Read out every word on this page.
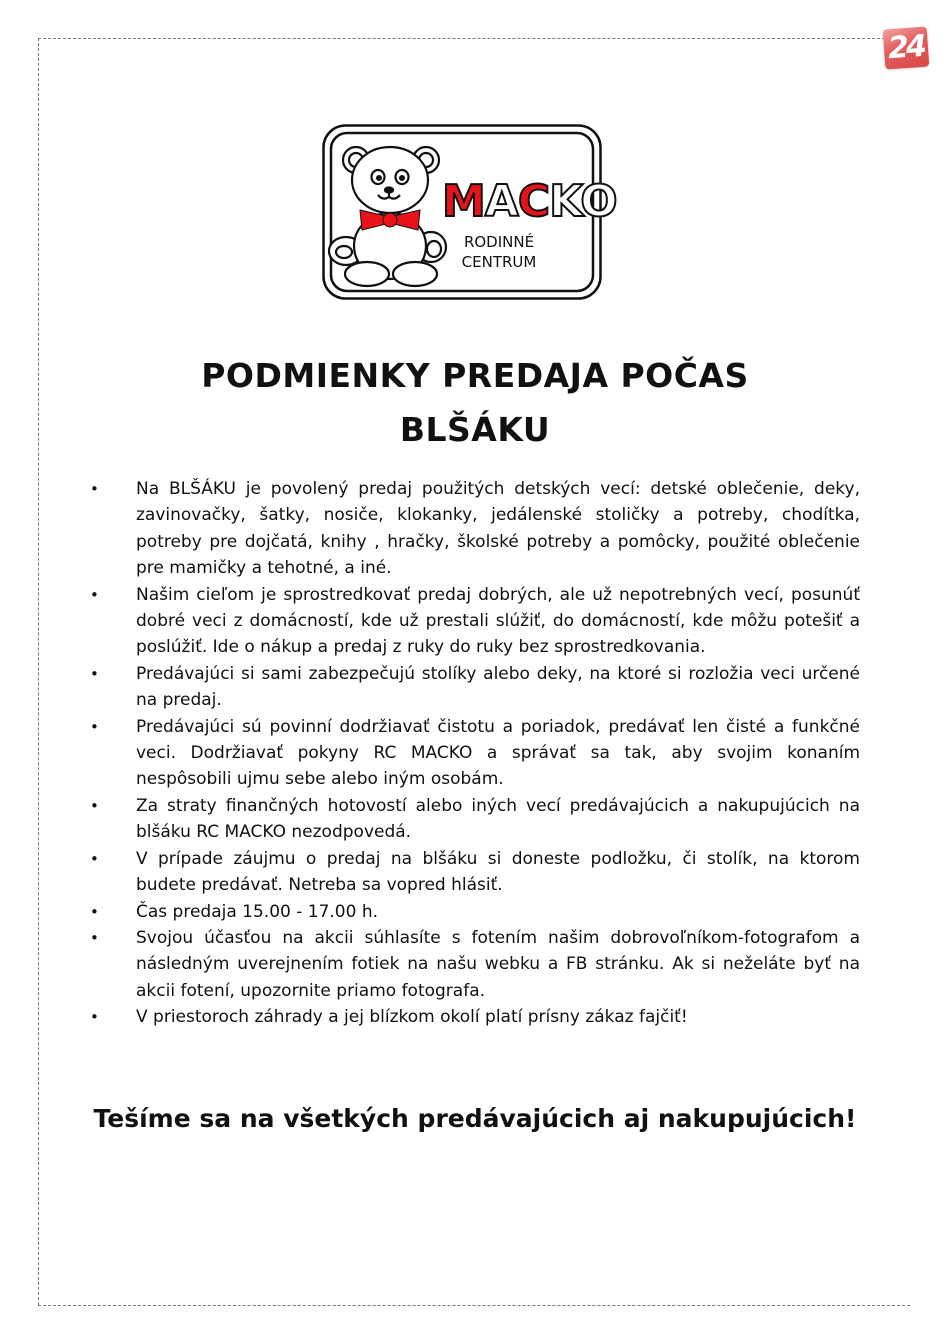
24
MACKO
RODINNÉ
CENTRUM
PODMIENKY PREDAJA POČAS
BLŠÁKU
• Na BLŠÁKU je povolený predaj použitých detských vecí: detské oblečenie, deky, zavinovačky, šatky, nosiče, klokanky, jedálenské stoličky a potreby, chodítka, potreby pre dojčatá, knihy , hračky, školské potreby a pomôcky, použité oblečenie pre mamičky a tehotné, a iné.
• Našim cieľom je sprostredkovať predaj dobrých, ale už nepotrebných vecí, posunúť dobré veci z domácností, kde už prestali slúžiť, do domácností, kde môžu potešiť a poslúžiť. Ide o nákup a predaj z ruky do ruky bez sprostredkovania.
• Predávajúci si sami zabezpečujú stolíky alebo deky, na ktoré si rozložia veci určené na predaj.
• Predávajúci sú povinní dodržiavať čistotu a poriadok, predávať len čisté a funkčné veci. Dodržiavať pokyny RC MACKO a správať sa tak, aby svojim konaním nespôsobili ujmu sebe alebo iným osobám.
• Za straty finančných hotovostí alebo iných vecí predávajúcich a nakupujúcich na blšáku RC MACKO nezodpovedá.
• V prípade záujmu o predaj na blšáku si doneste podložku, či stolík, na ktorom budete predávať. Netreba sa vopred hlásiť.
• Čas predaja 15.00 - 17.00 h.
• Svojou účasťou na akcii súhlasíte s fotením našim dobrovoľníkom-fotografom a následným uverejnením fotiek na našu webku a FB stránku. Ak si neželáte byť na akcii fotení, upozornite priamo fotografa.
• V priestoroch záhrady a jej blízkom okolí platí prísny zákaz fajčiť!
Tešíme sa na všetkých predávajúcich aj nakupujúcich!
